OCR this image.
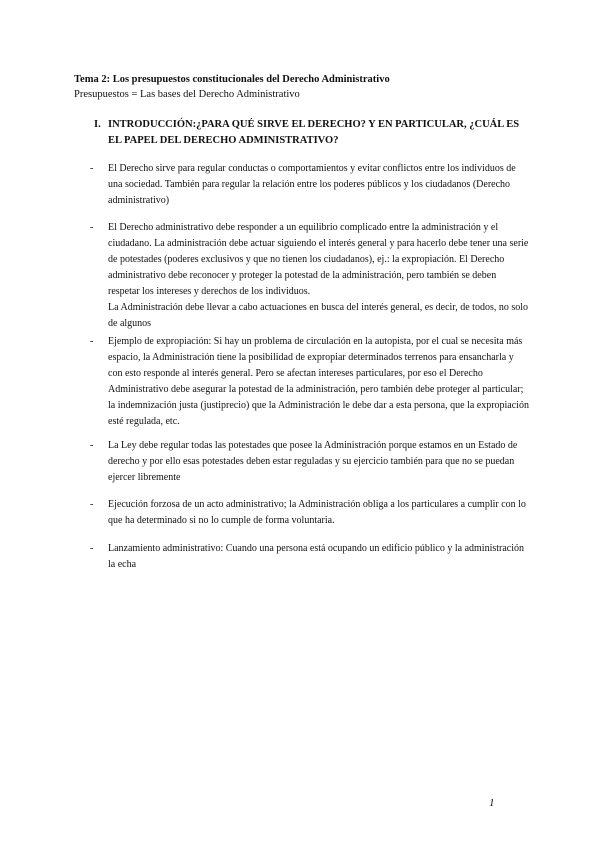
Tema 2: Los presupuestos constitucionales del Derecho Administrativo
Presupuestos = Las bases del Derecho Administrativo
I. INTRODUCCIÓN:¿PARA QUÉ SIRVE EL DERECHO? Y EN PARTICULAR, ¿CUÁL ES EL PAPEL DEL DERECHO ADMINISTRATIVO?
- El Derecho sirve para regular conductas o comportamientos y evitar conflictos entre los individuos de una sociedad. También para regular la relación entre los poderes públicos y los ciudadanos (Derecho administrativo)

- El Derecho administrativo debe responder a un equilibrio complicado entre la administración y el ciudadano. La administración debe actuar siguiendo el interés general y para hacerlo debe tener una serie de potestades (poderes exclusivos y que no tienen los ciudadanos), ej.: la expropiación. El Derecho administrativo debe reconocer y proteger la potestad de la administración, pero también se deben respetar los intereses y derechos de los individuos.

La Administración debe llevar a cabo actuaciones en busca del interés general, es decir, de todos, no solo de algunos

- Ejemplo de expropiación: Si hay un problema de circulación en la autopista, por el cual se necesita más espacio, la Administración tiene la posibilidad de expropiar determinados terrenos para ensancharla y con esto responde al interés general. Pero se afectan intereses particulares, por eso el Derecho Administrativo debe asegurar la potestad de la administración, pero también debe proteger al particular; la indemnización justa (justiprecio) que la Administración le debe dar a esta persona, que la expropiación esté regulada, etc.

- La Ley debe regular todas las potestades que posee la Administración porque estamos en un Estado de derecho y por ello esas potestades deben estar reguladas y su ejercicio también para que no se puedan ejercer libremente

- Ejecución forzosa de un acto administrativo; la Administración obliga a los particulares a cumplir con lo que ha determinado si no lo cumple de forma voluntaria.

- Lanzamiento administrativo: Cuando una persona está ocupando un edificio público y la administración la echa

1
